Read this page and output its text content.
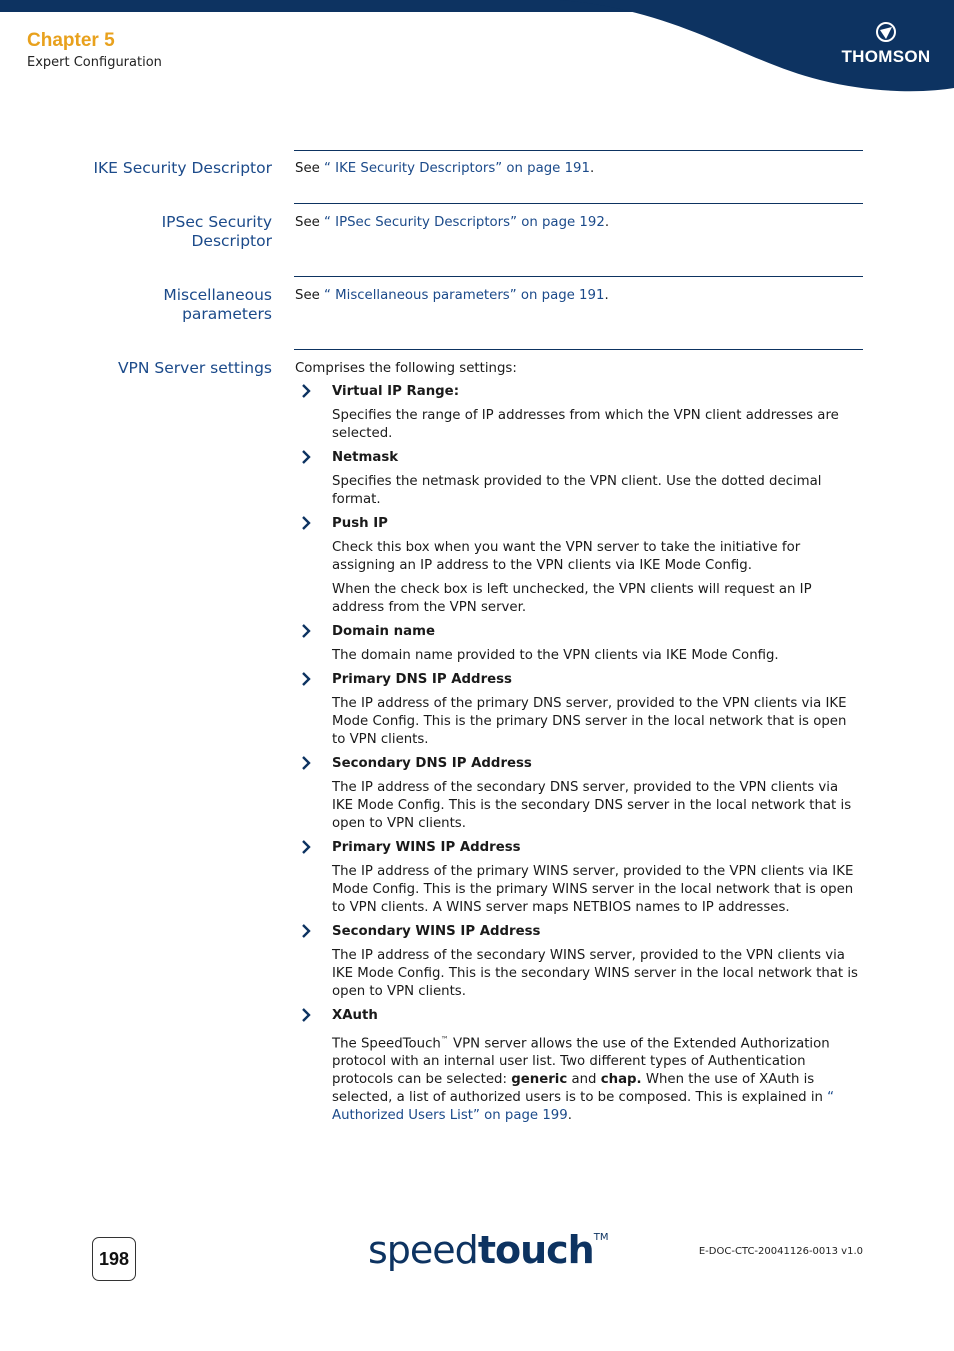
Chapter 5
Expert Configuration	THOMSON
IKE Security Descriptor See “ IKE Security Descriptors” on page 191.
IPSec Security
Descriptor
See “ IPSec Security Descriptors” on page 192.
Miscellaneous
parameters
See “ Miscellaneous parameters” on page 191.
VPN Server settings Comprises the following settings:

Virtual IP Range:

Specifies the range of IP addresses from which the VPN client addresses are selected.

Netmask

Specifies the netmask provided to the VPN client. Use the dotted decimal format.

Push IP

Check this box when you want the VPN server to take the initiative for assigning an IP address to the VPN clients via IKE Mode Config.

When the check box is left unchecked, the VPN clients will request an IP address from the VPN server.

Domain name

The domain name provided to the VPN clients via IKE Mode Config.

Primary DNS IP Address

The IP address of the primary DNS server, provided to the VPN clients via IKE Mode Config. This is the primary DNS server in the local network that is open to VPN clients.

Secondary DNS IP Address

The IP address of the secondary DNS server, provided to the VPN clients via IKE Mode Config. This is the secondary DNS server in the local network that is open to VPN clients.

Primary WINS IP Address

The IP address of the primary WINS server, provided to the VPN clients via IKE Mode Config. This is the primary WINS server in the local network that is open to VPN clients. A WINS server maps NETBIOS names to IP addresses.

Secondary WINS IP Address

The IP address of the secondary WINS server, provided to the VPN clients via IKE Mode Config. This is the secondary WINS server in the local network that is open to VPN clients.

XAuth

The SpeedTouch™ VPN server allows the use of the Extended Authorization protocol with an internal user list. Two different types of Authentication protocols can be selected: generic and chap. When the use of XAuth is selected, a list of authorized users is to be composed. This is explained in “ Authorized Users List” on page 199.

198	speedtouch™
E-DOC-CTC-20041126-0013 v1.0
